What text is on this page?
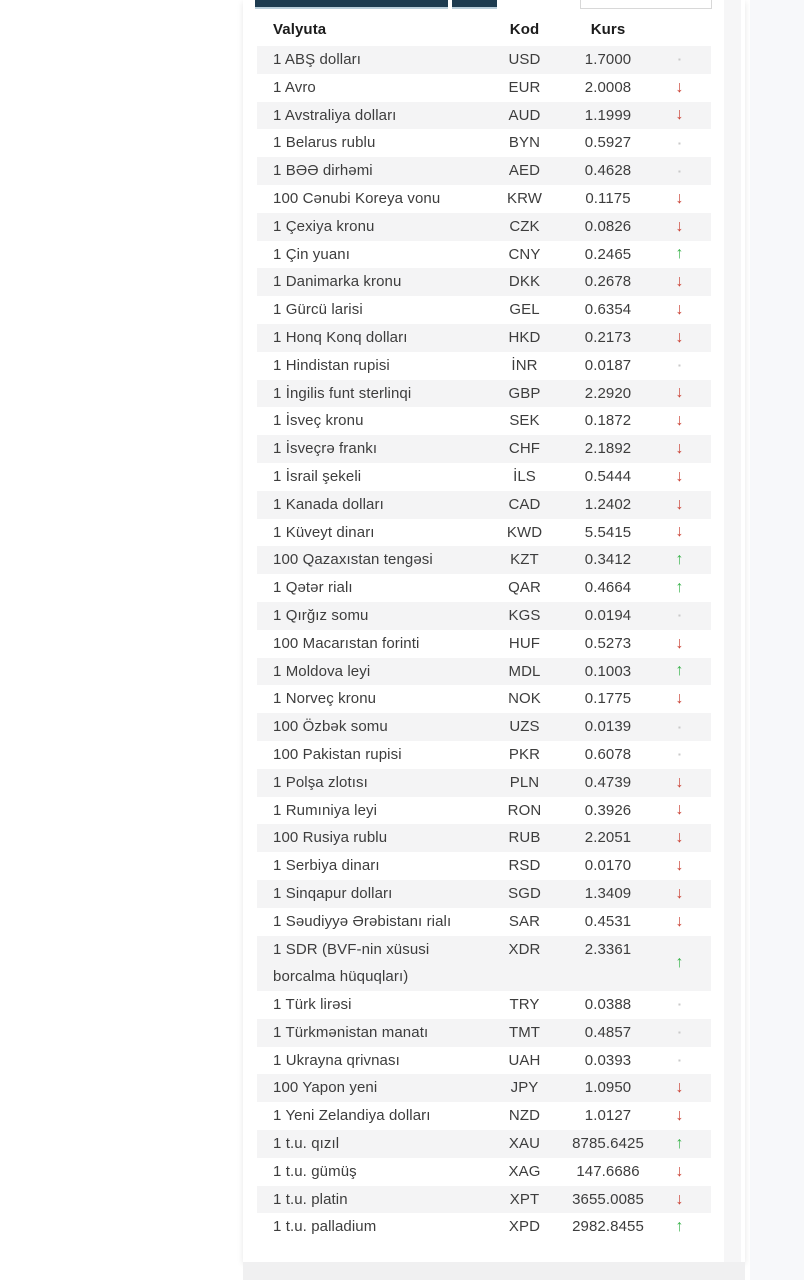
Valyuta	Kod	Kurs	
1 ABŞ dolları	USD	1.7000	▪
1 Avro	EUR	2.0008	↓
1 Avstraliya dolları	AUD	1.1999	↓
1 Belarus rublu	BYN	0.5927	▪
1 BƏƏ dirhəmi	AED	0.4628	▪
100 Cənubi Koreya vonu	KRW	0.1175	↓
1 Çexiya kronu	CZK	0.0826	↓
1 Çin yuanı	CNY	0.2465	↑
1 Danimarka kronu	DKK	0.2678	↓
1 Gürcü larisi	GEL	0.6354	↓
1 Honq Konq dolları	HKD	0.2173	↓
1 Hindistan rupisi	İNR	0.0187	▪
1 İngilis funt sterlinqi	GBP	2.2920	↓
1 İsveç kronu	SEK	0.1872	↓
1 İsveçrə frankı	CHF	2.1892	↓
1 İsrail şekeli	İLS	0.5444	↓
1 Kanada dolları	CAD	1.2402	↓
1 Küveyt dinarı	KWD	5.5415	↓
100 Qazaxıstan tengəsi	KZT	0.3412	↑
1 Qətər rialı	QAR	0.4664	↑
1 Qırğız somu	KGS	0.0194	▪
100 Macarıstan forinti	HUF	0.5273	↓
1 Moldova leyi	MDL	0.1003	↑
1 Norveç kronu	NOK	0.1775	↓
100 Özbək somu	UZS	0.0139	▪
100 Pakistan rupisi	PKR	0.6078	▪
1 Polşa zlotısı	PLN	0.4739	↓
1 Rumıniya leyi	RON	0.3926	↓
100 Rusiya rublu	RUB	2.2051	↓
1 Serbiya dinarı	RSD	0.0170	↓
1 Sinqapur dolları	SGD	1.3409	↓
1 Səudiyyə Ərəbistanı rialı	SAR	0.4531	↓
1 SDR (BVF-nin xüsusi borcalma hüquqları)	XDR	2.3361	↑
1 Türk lirəsi	TRY	0.0388	▪
1 Türkmənistan manatı	TMT	0.4857	▪
1 Ukrayna qrivnası	UAH	0.0393	▪
100 Yapon yeni	JPY	1.0950	↓
1 Yeni Zelandiya dolları	NZD	1.0127	↓
1 t.u. qızıl	XAU	8785.6425	↑
1 t.u. gümüş	XAG	147.6686	↓
1 t.u. platin	XPT	3655.0085	↓
1 t.u. palladium	XPD	2982.8455	↑
